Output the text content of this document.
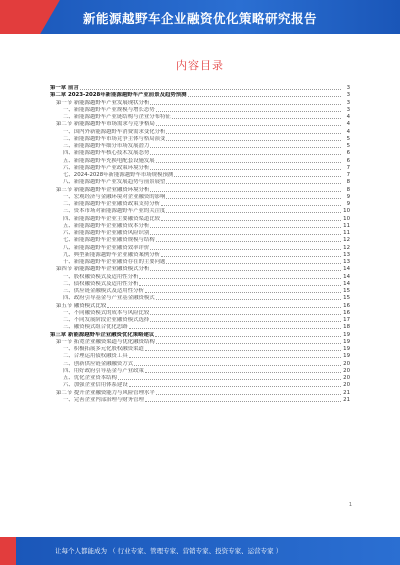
新能源越野车企业融资优化策略研究报告
内容目录
第一章 前言	3
第二章 2023-2028年新能源越野车产业前景及趋势预测	3
第一节 新能源越野车产业发展现状分析	3
一、新能源越野车产业规模与增长态势	3
二、新能源越野车产业链结构与企业分布特征	4
第二节 新能源越野车市场需求与竞争格局	4
一、国内外新能源越野车消费需求变化分析	4
二、新能源越野车市场竞争主体与格局演变	5
三、新能源越野车细分市场发展潜力	5
四、新能源越野车核心技术发展态势	6
五、新能源越野车充换电配套设施发展	6
六、新能源越野车产业政策环境分析	7
七、2024-2028年新能源越野车市场规模预测	7
八、新能源越野车产业发展趋势与前景展望	8
第三节 新能源越野车企业融资环境分析	8
一、宏观经济与金融环境对企业融资的影响	9
二、新能源越野车企业融资政策支持分析	9
三、资本市场对新能源越野车产业的关注度	10
四、新能源越野车企业主要融资渠道比较	10
五、新能源越野车企业融资成本分析	11
六、新能源越野车企业融资风险识别	11
七、新能源越野车企业融资规模与结构	12
八、新能源越野车企业融资效率评价	12
九、典型新能源越野车企业融资案例分析	13
十、新能源越野车企业融资存在的主要问题	13
第四节 新能源越野车企业融资模式分析	14
一、股权融资模式及适用性分析	14
二、债权融资模式及适用性分析	14
三、供应链金融模式及适用性分析	15
四、政府引导基金与产业基金融资模式	15
第五节 融资模式比较	16
一、不同融资模式的成本与风险比较	16
二、不同发展阶段企业融资模式选择	17
三、融资模式组合优化思路	18
第三章 新能源越野车企业融资优化策略建议	19
第一节 拓宽企业融资渠道与优化融资结构	19
一、积极拓展多元化股权融资渠道	19
二、合理运用债权融资工具	19
三、创新供应链金融融资方式	20
四、用好政府引导基金与产业政策	20
五、优化企业资本结构	20
六、加强企业信用体系建设	20
第二节 提升企业融资能力与风险管理水平	21
一、完善企业内部治理与财务管理	21
1
让每个人都能成为 （ 行业专家、管理专家、营销专家、投资专家、运营专家 ）
